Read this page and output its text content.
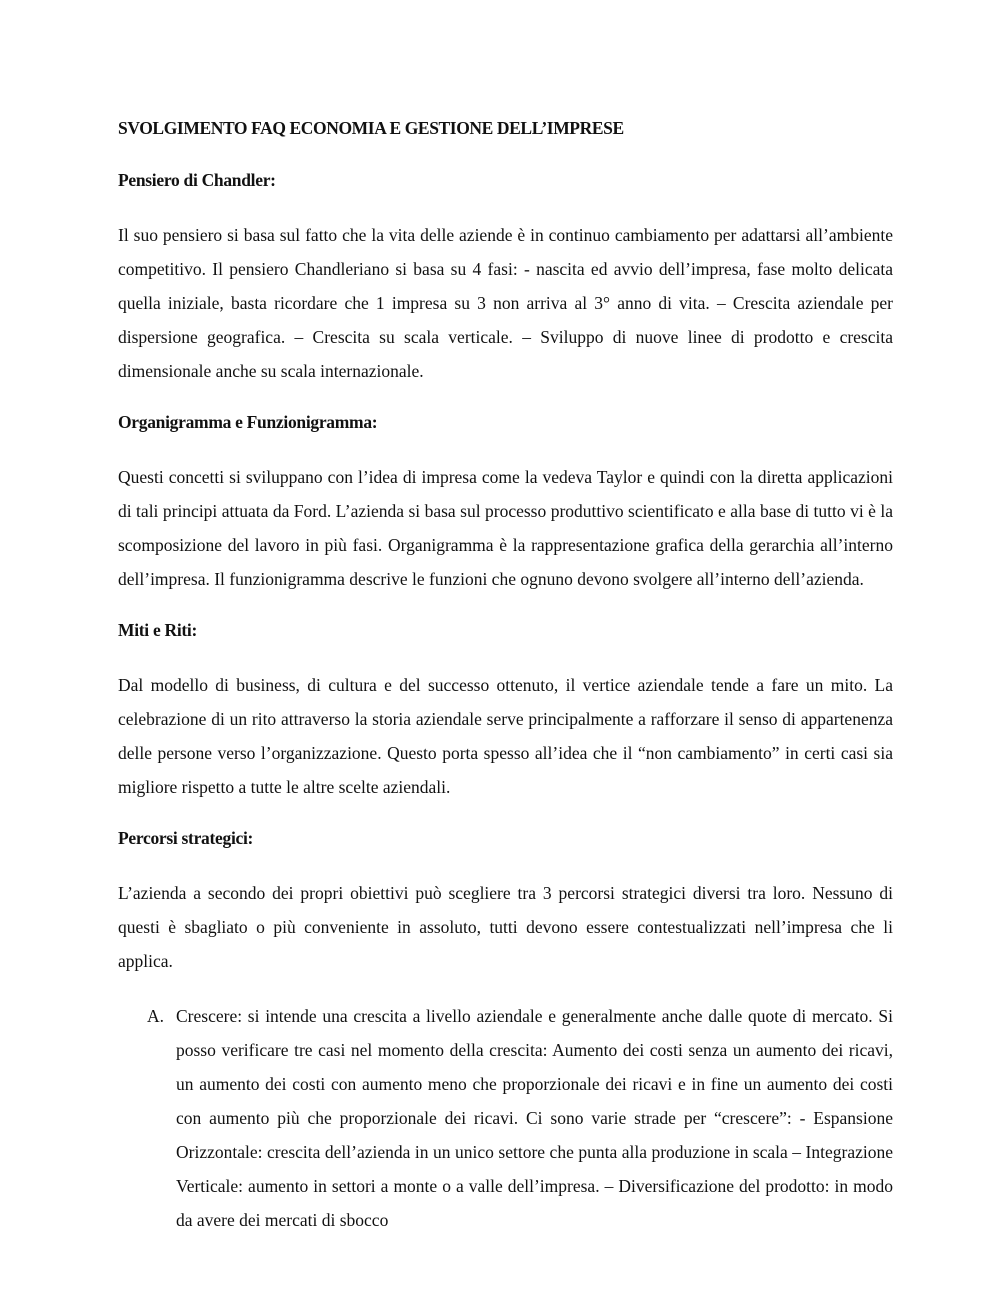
SVOLGIMENTO FAQ ECONOMIA E GESTIONE DELL’IMPRESE
Pensiero di Chandler:

Il suo pensiero si basa sul fatto che la vita delle aziende è in continuo cambiamento per adattarsi all’ambiente competitivo. Il pensiero Chandleriano si basa su 4 fasi: - nascita ed avvio dell’impresa, fase molto delicata quella iniziale, basta ricordare che 1 impresa su 3 non arriva al 3° anno di vita. – Crescita aziendale per dispersione geografica. – Crescita su scala verticale. – Sviluppo di nuove linee di prodotto e crescita dimensionale anche su scala internazionale.

Organigramma e Funzionigramma:

Questi concetti si sviluppano con l’idea di impresa come la vedeva Taylor e quindi con la diretta applicazioni di tali principi attuata da Ford. L’azienda si basa sul processo produttivo scientificato e alla base di tutto vi è la scomposizione del lavoro in più fasi. Organigramma è la rappresentazione grafica della gerarchia all’interno dell’impresa. Il funzionigramma descrive le funzioni che ognuno devono svolgere all’interno dell’azienda.

Miti e Riti:

Dal modello di business, di cultura e del successo ottenuto, il vertice aziendale tende a fare un mito. La celebrazione di un rito attraverso la storia aziendale serve principalmente a rafforzare il senso di appartenenza delle persone verso l’organizzazione. Questo porta spesso all’idea che il “non cambiamento” in certi casi sia migliore rispetto a tutte le altre scelte aziendali.

Percorsi strategici:

L’azienda a secondo dei propri obiettivi può scegliere tra 3 percorsi strategici diversi tra loro. Nessuno di questi è sbagliato o più conveniente in assoluto, tutti devono essere contestualizzati nell’impresa che li applica.

A. Crescere: si intende una crescita a livello aziendale e generalmente anche dalle quote di mercato. Si posso verificare tre casi nel momento della crescita: Aumento dei costi senza un aumento dei ricavi, un aumento dei costi con aumento meno che proporzionale dei ricavi e in fine un aumento dei costi con aumento più che proporzionale dei ricavi. Ci sono varie strade per “crescere”: - Espansione Orizzontale: crescita dell’azienda in un unico settore che punta alla produzione in scala – Integrazione Verticale: aumento in settori a monte o a valle dell’impresa. – Diversificazione del prodotto: in modo da avere dei mercati di sbocco
